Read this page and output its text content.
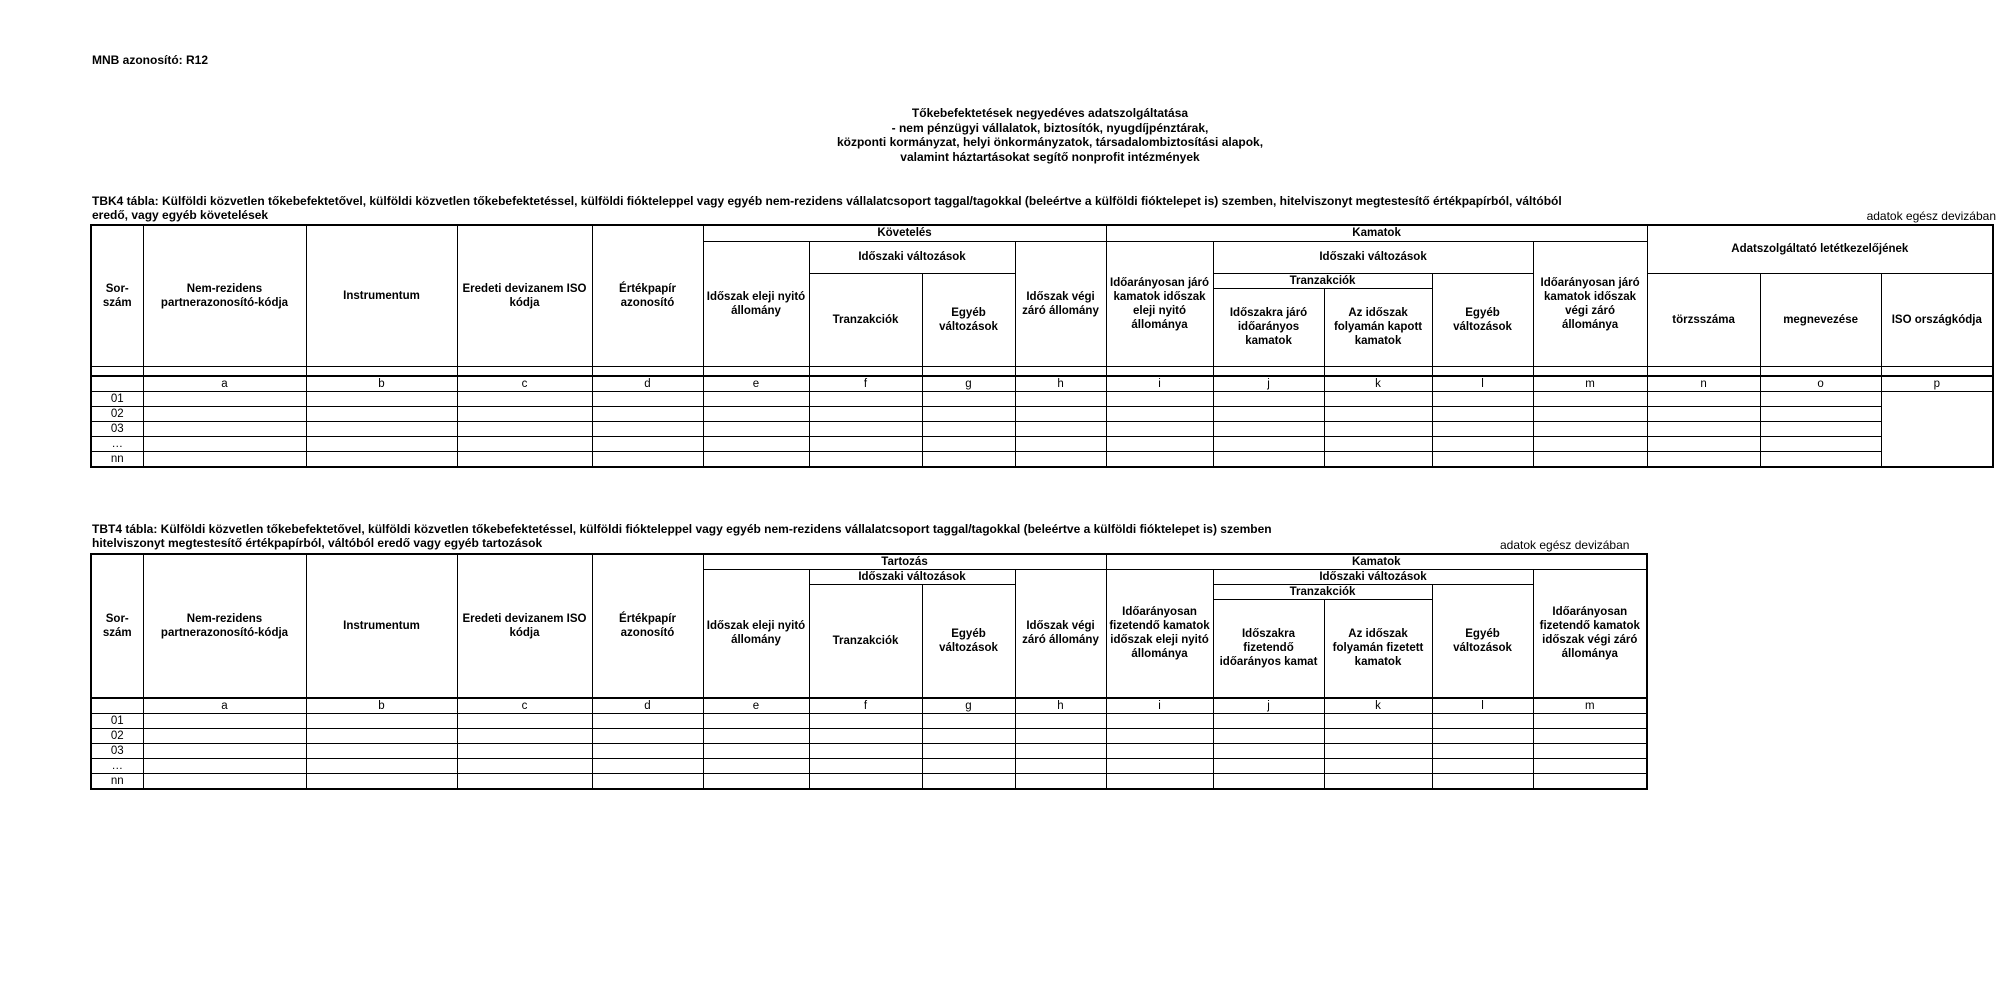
MNB azonosító: R12
Tőkebefektetések negyedéves adatszolgáltatása
- nem pénzügyi vállalatok, biztosítók, nyugdíjpénztárak,
központi kormányzat, helyi önkormányzatok, társadalombiztosítási alapok,
valamint háztartásokat segítő nonprofit intézmények
TBK4 tábla: Külföldi közvetlen tőkebefektetővel, külföldi közvetlen tőkebefektetéssel, külföldi fiókteleppel vagy egyéb nem-rezidens vállalatcsoport taggal/tagokkal (beleértve a külföldi fióktelepet is) szemben, hitelviszonyt megtestesítő értékpapírból, váltóból
eredő, vagy egyéb követelések	adatok egész devizában
Sor-szám	Nem-rezidens partnerazonosító-kódja	Instrumentum	Eredeti devizanem ISO kódja	Értékpapír azonosító	Követelés				Kamatok					Adatszolgáltató letétkezelőjének		
					Időszak eleji nyitó állomány	Időszaki változások		Időszak végi záró állomány	Időarányosan járó kamatok időszak eleji nyitó állománya	Időszaki változások			Időarányosan járó kamatok időszak végi záró állománya			

						Tranzakciók	Egyéb változások			Tranzakciók		Egyéb változások		törzsszáma	megnevezése	ISO országkódja
										Időszakra járó időarányos kamatok	Az időszak folyamán kapott kamatok					

	a	b	c	d	e	f	g	h	i	j	k	l	m	n	o	p
01																
02																
03																
…																
nn																
TBT4 tábla: Külföldi közvetlen tőkebefektetővel, külföldi közvetlen tőkebefektetéssel, külföldi fiókteleppel vagy egyéb nem-rezidens vállalatcsoport taggal/tagokkal (beleértve a külföldi fióktelepet is) szemben
hitelviszonyt megtestesítő értékpapírból, váltóból eredő vagy egyéb tartozások	adatok egész devizában
Sor-szám	Nem-rezidens partnerazonosító-kódja	Instrumentum	Eredeti devizanem ISO kódja	Értékpapír azonosító	Tartozás				Kamatok				
					Időszak eleji nyitó állomány	Időszaki változások		Időszak végi záró állomány	Időarányosan fizetendő kamatok időszak eleji nyitó állománya	Időszaki változások			Időarányosan fizetendő kamatok időszak végi záró állománya
						Tranzakciók	Egyéb változások			Tranzakciók		Egyéb változások	
										Időszakra fizetendő időarányos kamat	Az időszak folyamán fizetett kamatok		

	a	b	c	d	e	f	g	h	i	j	k	l	m
01													
02													
03													
…													
nn													
